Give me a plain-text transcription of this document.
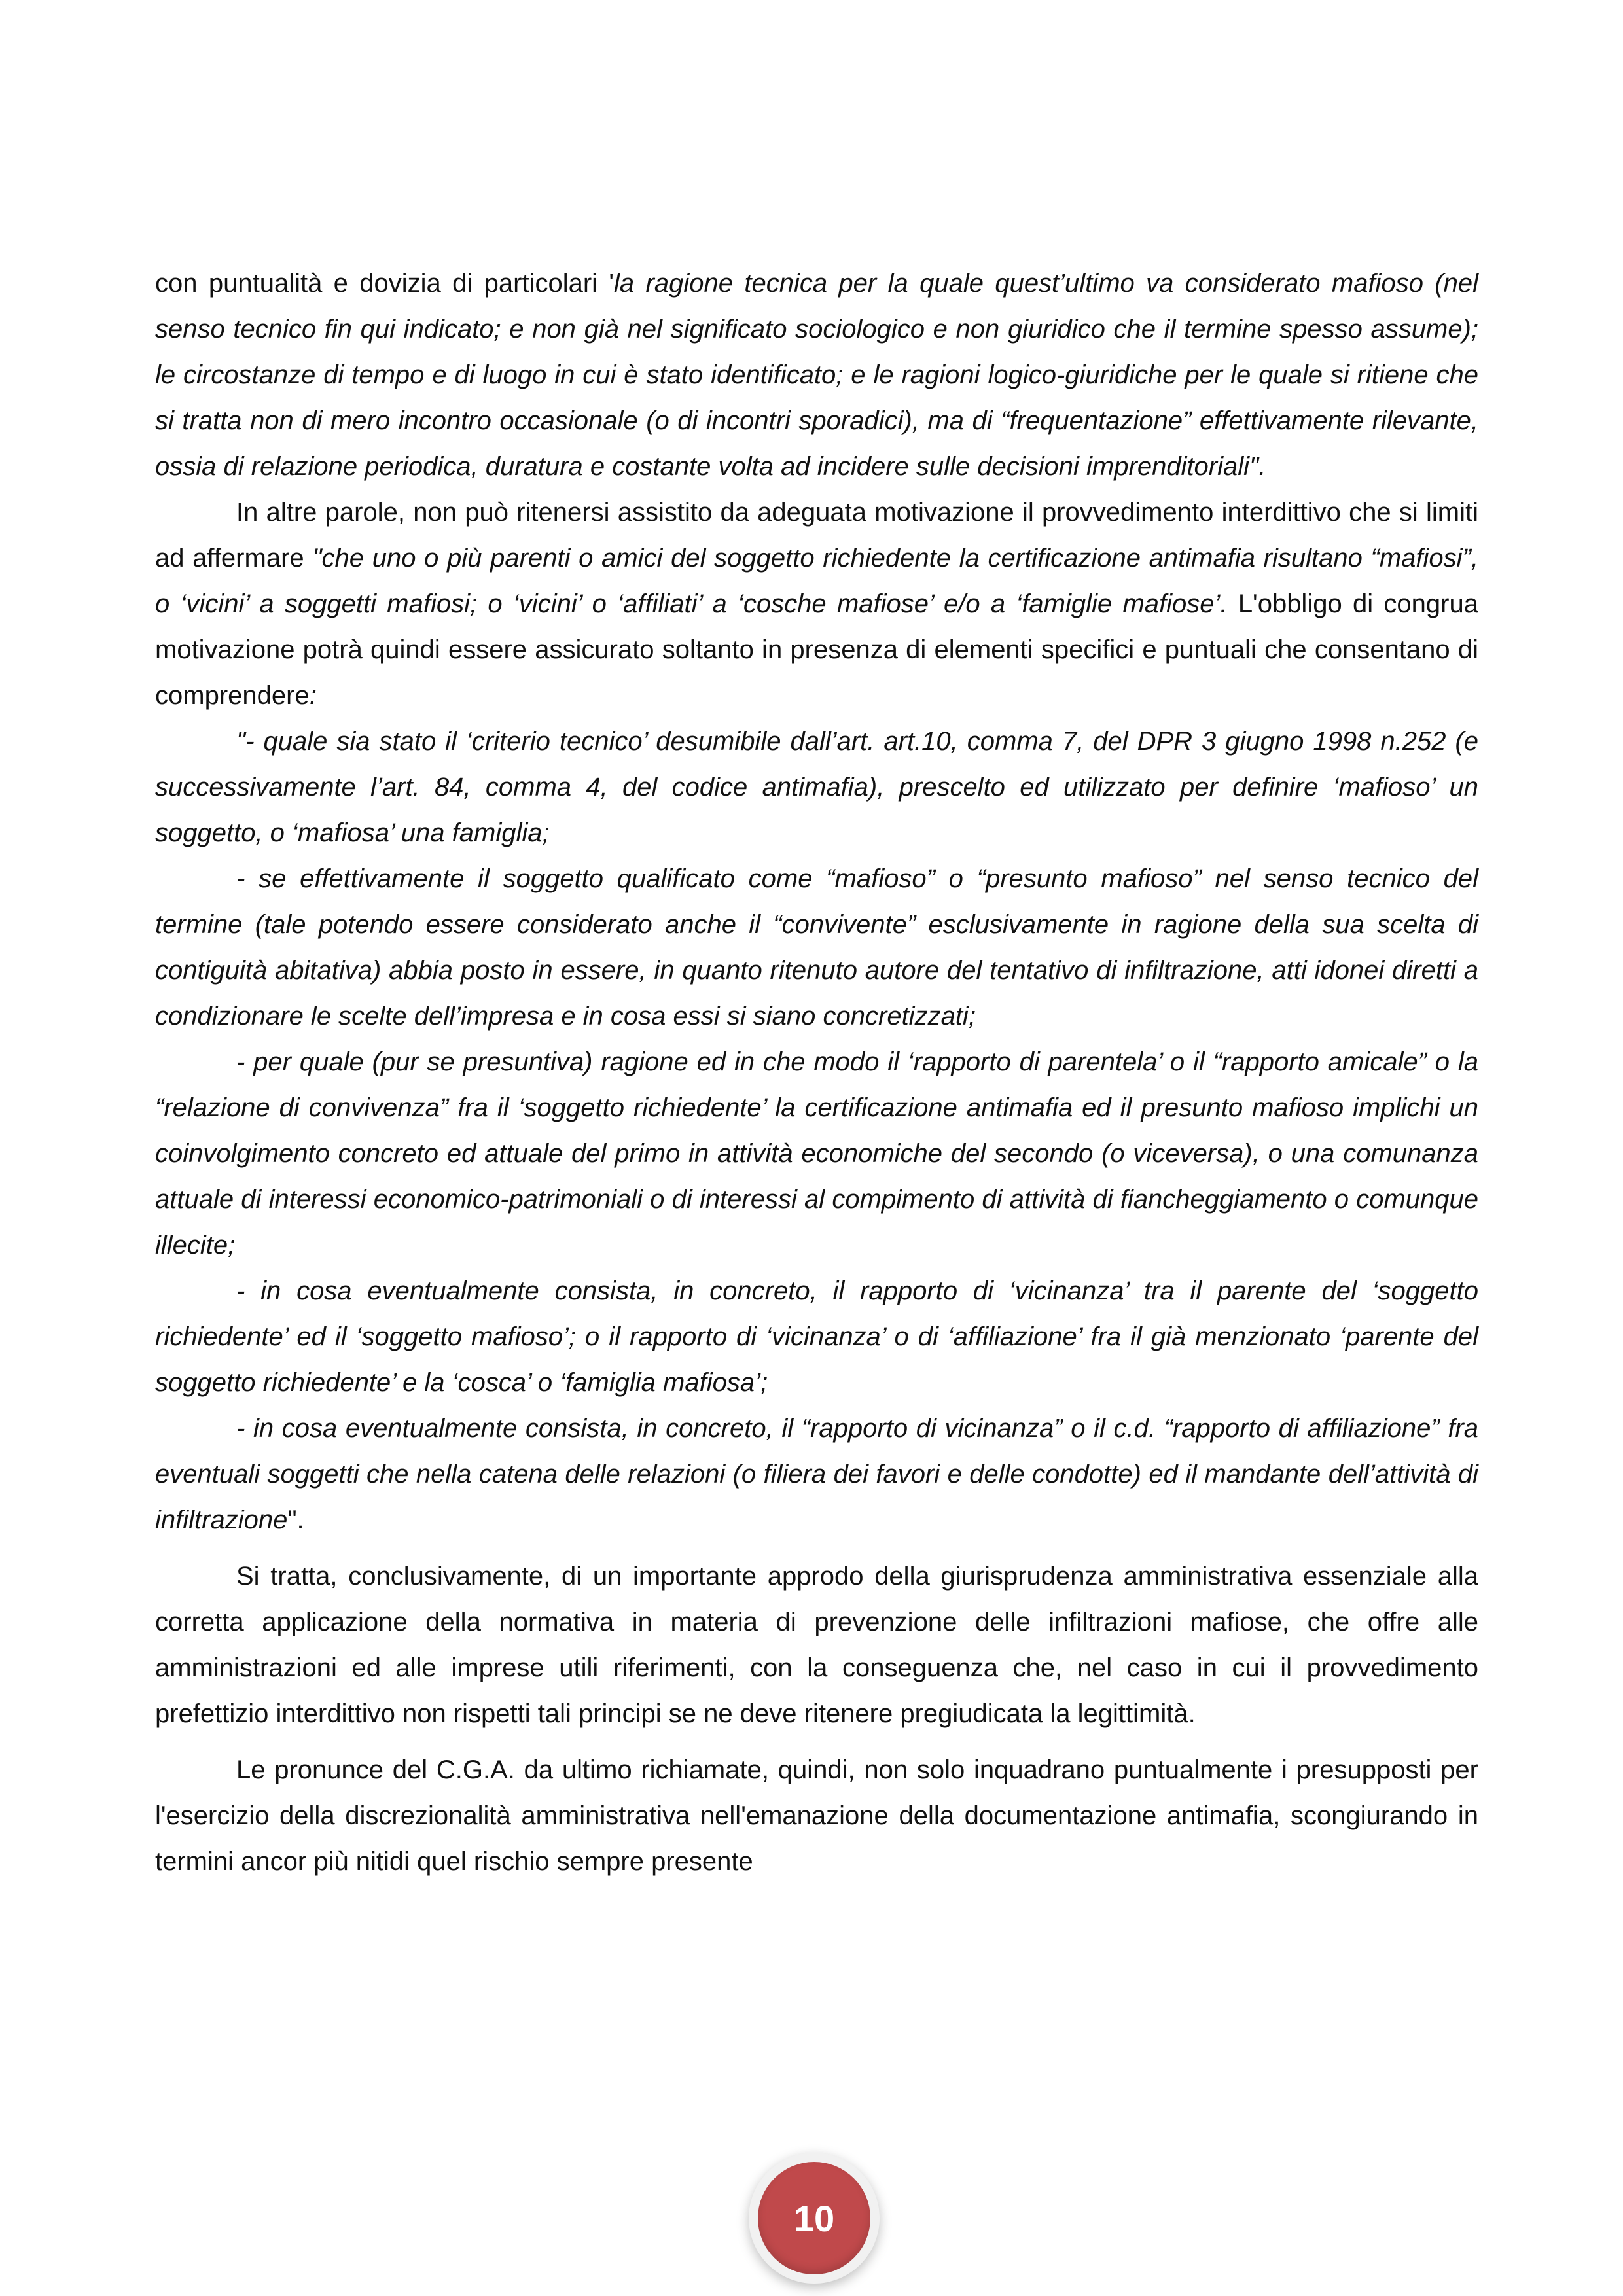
con puntualità e dovizia di particolari 'la ragione tecnica per la quale quest’ultimo va considerato mafioso (nel senso tecnico fin qui indicato; e non già nel significato sociologico e non giuridico che il termine spesso assume); le circostanze di tempo e di luogo in cui è stato identificato; e le ragioni logico-giuridiche per le quale si ritiene che si tratta non di mero incontro occasionale (o di incontri sporadici), ma di “frequentazione” effettivamente rilevante, ossia di relazione periodica, duratura e costante volta ad incidere sulle decisioni imprenditoriali".

In altre parole, non può ritenersi assistito da adeguata motivazione il provvedimento interdittivo che si limiti ad affermare "che uno o più parenti o amici del soggetto richiedente la certificazione antimafia risultano “mafiosi”, o ‘vicini’ a soggetti mafiosi; o ‘vicini’ o ‘affiliati’ a ‘cosche mafiose’ e/o a ‘famiglie mafiose’. L'obbligo di congrua motivazione potrà quindi essere assicurato soltanto in presenza di elementi specifici e puntuali che consentano di comprendere:

"- quale sia stato il ‘criterio tecnico’ desumibile dall’art. art.10, comma 7, del DPR 3 giugno 1998 n.252 (e successivamente l’art. 84, comma 4, del codice antimafia), prescelto ed utilizzato per definire ‘mafioso’ un soggetto, o ‘mafiosa’ una famiglia;

- se effettivamente il soggetto qualificato come “mafioso” o “presunto mafioso” nel senso tecnico del termine (tale potendo essere considerato anche il “convivente” esclusivamente in ragione della sua scelta di contiguità abitativa) abbia posto in essere, in quanto ritenuto autore del tentativo di infiltrazione, atti idonei diretti a condizionare le scelte dell’impresa e in cosa essi si siano concretizzati;

- per quale (pur se presuntiva) ragione ed in che modo il ‘rapporto di parentela’ o il “rapporto amicale” o la “relazione di convivenza” fra il ‘soggetto richiedente’ la certificazione antimafia ed il presunto mafioso implichi un coinvolgimento concreto ed attuale del primo in attività economiche del secondo (o viceversa), o una comunanza attuale di interessi economico-patrimoniali o di interessi al compimento di attività di fiancheggiamento o comunque illecite;

- in cosa eventualmente consista, in concreto, il rapporto di ‘vicinanza’ tra il parente del ‘soggetto richiedente’ ed il ‘soggetto mafioso’; o il rapporto di ‘vicinanza’ o di ‘affiliazione’ fra il già menzionato ‘parente del soggetto richiedente’ e la ‘cosca’ o ‘famiglia mafiosa’;

- in cosa eventualmente consista, in concreto, il “rapporto di vicinanza” o il c.d. “rapporto di affiliazione” fra eventuali soggetti che nella catena delle relazioni (o filiera dei favori e delle condotte) ed il mandante dell’attività di infiltrazione".

Si tratta, conclusivamente, di un importante approdo della giurisprudenza amministrativa essenziale alla corretta applicazione della normativa in materia di prevenzione delle infiltrazioni mafiose, che offre alle amministrazioni ed alle imprese utili riferimenti, con la conseguenza che, nel caso in cui il provvedimento prefettizio interdittivo non rispetti tali principi se ne deve ritenere pregiudicata la legittimità.

Le pronunce del C.G.A. da ultimo richiamate, quindi, non solo inquadrano puntualmente i presupposti per l'esercizio della discrezionalità amministrativa nell'emanazione della documentazione antimafia, scongiurando in termini ancor più nitidi quel rischio sempre presente

10
